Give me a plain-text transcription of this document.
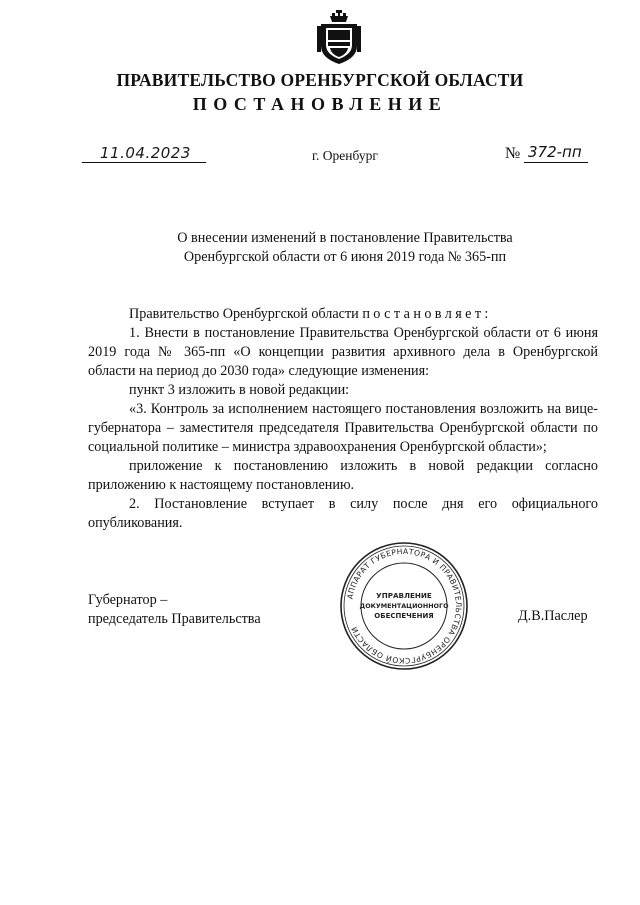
ПРАВИТЕЛЬСТВО ОРЕНБУРГСКОЙ ОБЛАСТИ
ПОСТАНОВЛЕНИЕ
11.04.2023	г. Оренбург	№ 372-пп
О внесении изменений в постановление Правительства
Оренбургской области от 6 июня 2019 года № 365-пп

Правительство Оренбургской области постановляет:

1. Внести в постановление Правительства Оренбургской области от 6 июня 2019 года № 365-пп «О концепции развития архивного дела в Оренбургской области на период до 2030 года» следующие изменения:

пункт 3 изложить в новой редакции:

«3. Контроль за исполнением настоящего постановления возложить на вице-губернатора – заместителя председателя Правительства Оренбургской области по социальной политике – министра здравоохранения Оренбургской области»;

приложение к постановлению изложить в новой редакции согласно приложению к настоящему постановлению.

2. Постановление вступает в силу после дня его официального опубликования.

Губернатор –
председатель Правительства	Д.В.Паслер
АППАРАТ ГУБЕРНАТОРА И ПРАВИТЕЛЬСТВА ОРЕНБУРГСКОЙ ОБЛАСТИ
УПРАВЛЕНИЕ
ДОКУМЕНТАЦИОННОГО
ОБЕСПЕЧЕНИЯ
